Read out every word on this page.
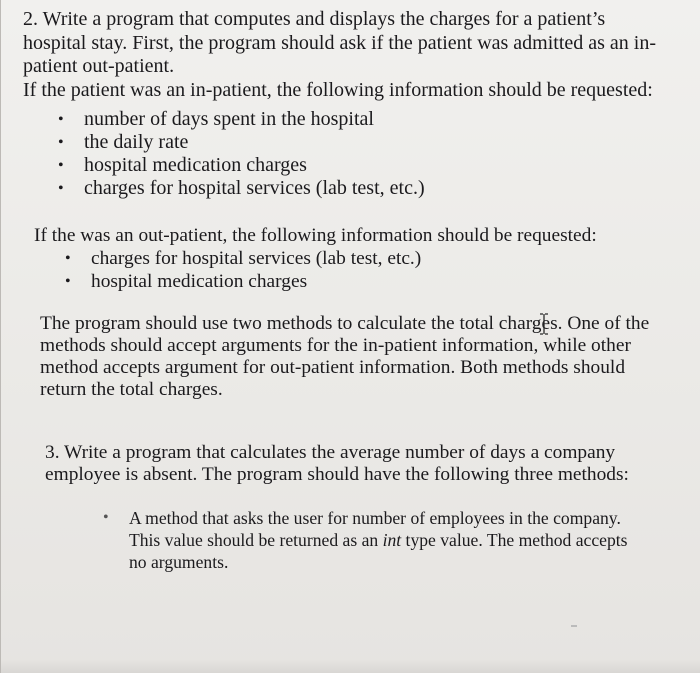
2. Write a program that computes and displays the charges for a patient’s
hospital stay. First, the program should ask if the patient was admitted as an in-
patient out-patient.
If the patient was an in-patient, the following information should be requested:
• number of days spent in the hospital
• the daily rate
• hospital medication charges
• charges for hospital services (lab test, etc.)

If the was an out-patient, the following information should be requested:

• charges for hospital services (lab test, etc.)
• hospital medication charges
The program should use two methods to calculate the total charges. One of the
methods should accept arguments for the in-patient information, while other
method accepts argument for out-patient information. Both methods should
return the total charges.
3. Write a program that calculates the average number of days a company
employee is absent. The program should have the following three methods:
• A method that asks the user for number of employees in the company.
This value should be returned as an int type value. The method accepts
no arguments.
